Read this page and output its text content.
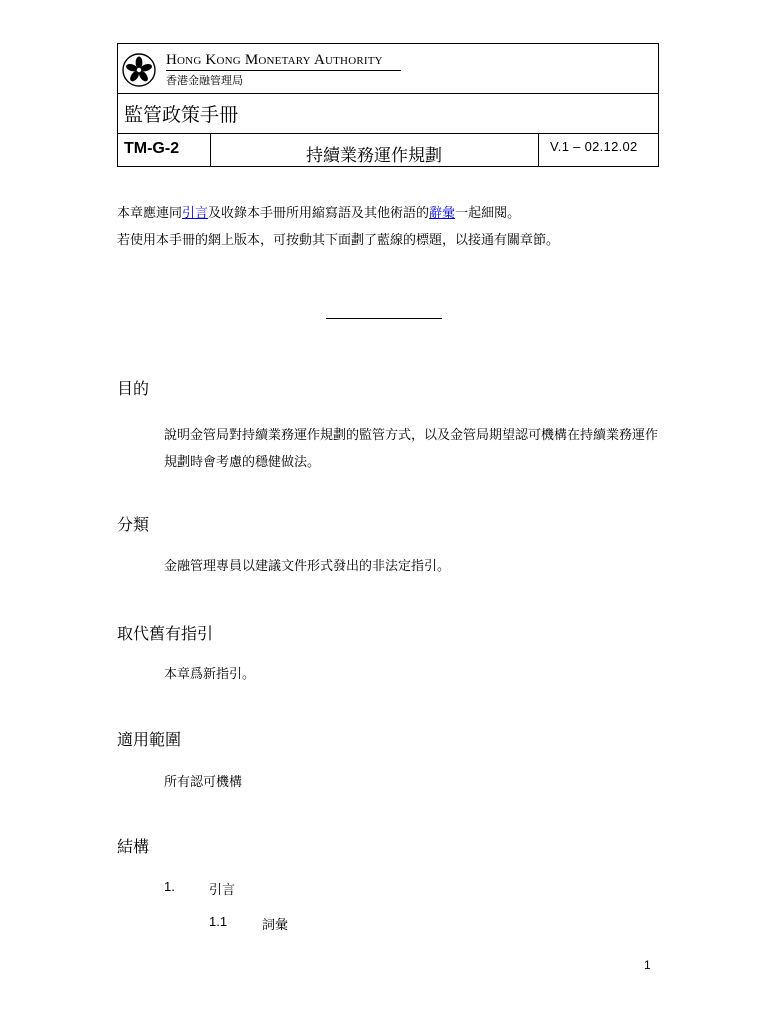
Hong Kong Monetary Authority
香港金融管理局
監管政策手冊
TM-G-2	持續業務運作規劃	V.1 – 02.12.02
本章應連同引言及收錄本手冊所用縮寫語及其他術語的辭彙一起細閱。
若使用本手冊的網上版本，可按動其下面劃了藍線的標題，以接通有關章節。
目的
說明金管局對持續業務運作規劃的監管方式，以及金管局期望認可機構在持續業務運作規劃時會考慮的穩健做法。
分類
金融管理專員以建議文件形式發出的非法定指引。
取代舊有指引
本章爲新指引。
適用範圍
所有認可機構
結構
1.	引言
1.1	詞彙
1
